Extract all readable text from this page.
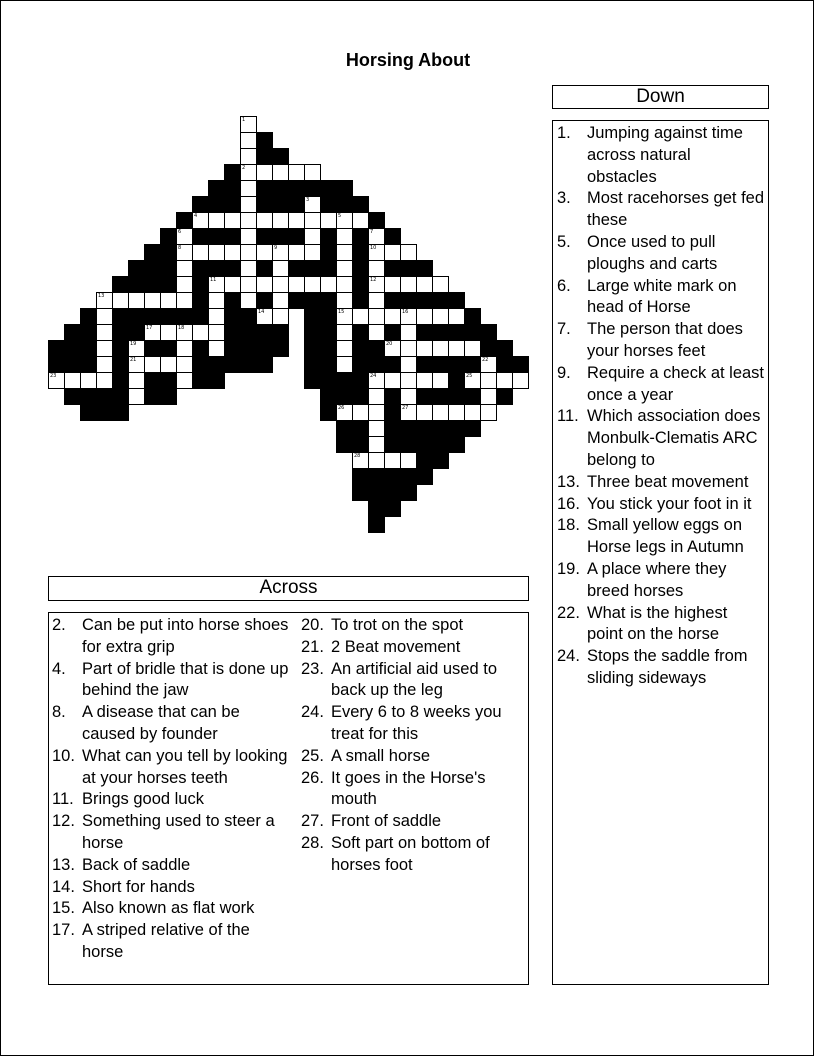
Horsing About
1
2
3
4	5
6	7
8	9	10
11	12
13
14	15	16
17	18
19	20
21	22
23	24	25
26	27
28
Down
1. Jumping against time across natural obstacles
3. Most racehorses get fed these
5. Once used to pull ploughs and carts
6. Large white mark on head of Horse
7. The person that does your horses feet
9. Require a check at least once a year
11. Which association does Monbulk-Clematis ARC belong to
13. Three beat movement
16. You stick your foot in it
18. Small yellow eggs on Horse legs in Autumn
19. A place where they breed horses
22. What is the highest point on the horse
24. Stops the saddle from sliding sideways
Across
2. Can be put into horse shoes for extra grip
4. Part of bridle that is done up behind the jaw
8. A disease that can be caused by founder
10. What can you tell by looking at your horses teeth
11. Brings good luck
12. Something used to steer a horse
13. Back of saddle
14. Short for hands
15. Also known as flat work
17. A striped relative of the horse
20. To trot on the spot
21. 2 Beat movement
23. An artificial aid used to back up the leg
24. Every 6 to 8 weeks you treat for this
25. A small horse
26. It goes in the Horse's mouth
27. Front of saddle
28. Soft part on bottom of horses foot
